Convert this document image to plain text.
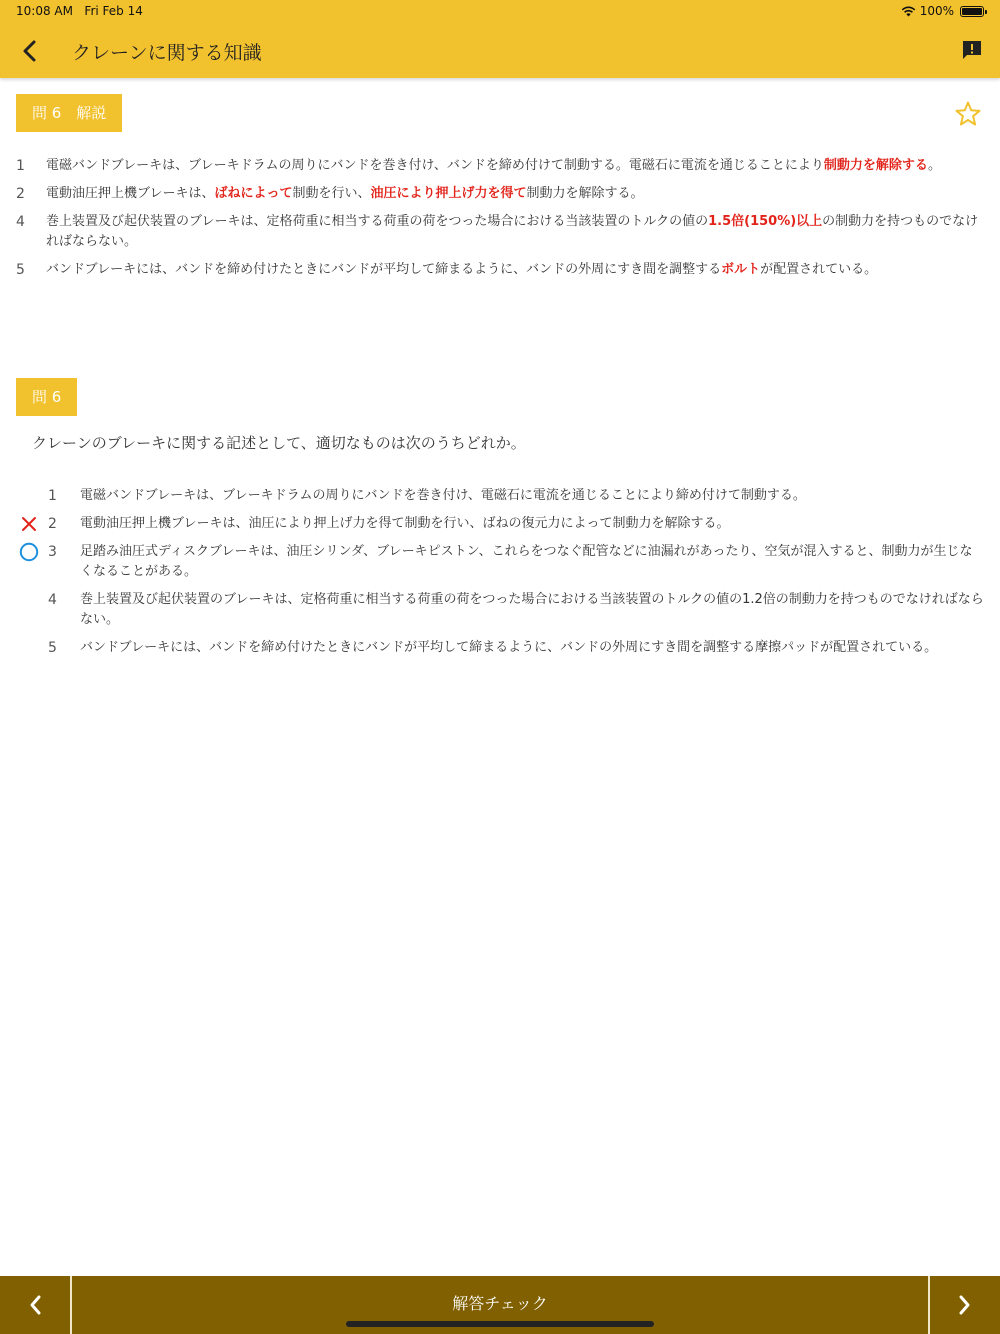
10:08 AM Fri Feb 14	100%
クレーンに関する知識
問 6　解説
1	電磁バンドブレーキは、ブレーキドラムの周りにバンドを巻き付け、バンドを締め付けて制動する。電磁石に電流を通じることにより制動力を解除する。
2	電動油圧押上機ブレーキは、ばねによって制動を行い、油圧により押上げ力を得て制動力を解除する。
4	巻上装置及び起伏装置のブレーキは、定格荷重に相当する荷重の荷をつった場合における当該装置のトルクの値の1.5倍(150%)以上の制動力を持つものでなければならない。
5	バンドブレーキには、バンドを締め付けたときにバンドが平均して締まるように、バンドの外周にすき間を調整するボルトが配置されている。
問 6
クレーンのブレーキに関する記述として、適切なものは次のうちどれか。
1	電磁バンドブレーキは、ブレーキドラムの周りにバンドを巻き付け、電磁石に電流を通じることにより締め付けて制動する。
2	電動油圧押上機ブレーキは、油圧により押上げ力を得て制動を行い、ばねの復元力によって制動力を解除する。
3	足踏み油圧式ディスクブレーキは、油圧シリンダ、ブレーキピストン、これらをつなぐ配管などに油漏れがあったり、空気が混入すると、制動力が生じなくなることがある。
4	巻上装置及び起伏装置のブレーキは、定格荷重に相当する荷重の荷をつった場合における当該装置のトルクの値の1.2倍の制動力を持つものでなければならない。
5	バンドブレーキには、バンドを締め付けたときにバンドが平均して締まるように、バンドの外周にすき間を調整する摩擦パッドが配置されている。
解答チェック
